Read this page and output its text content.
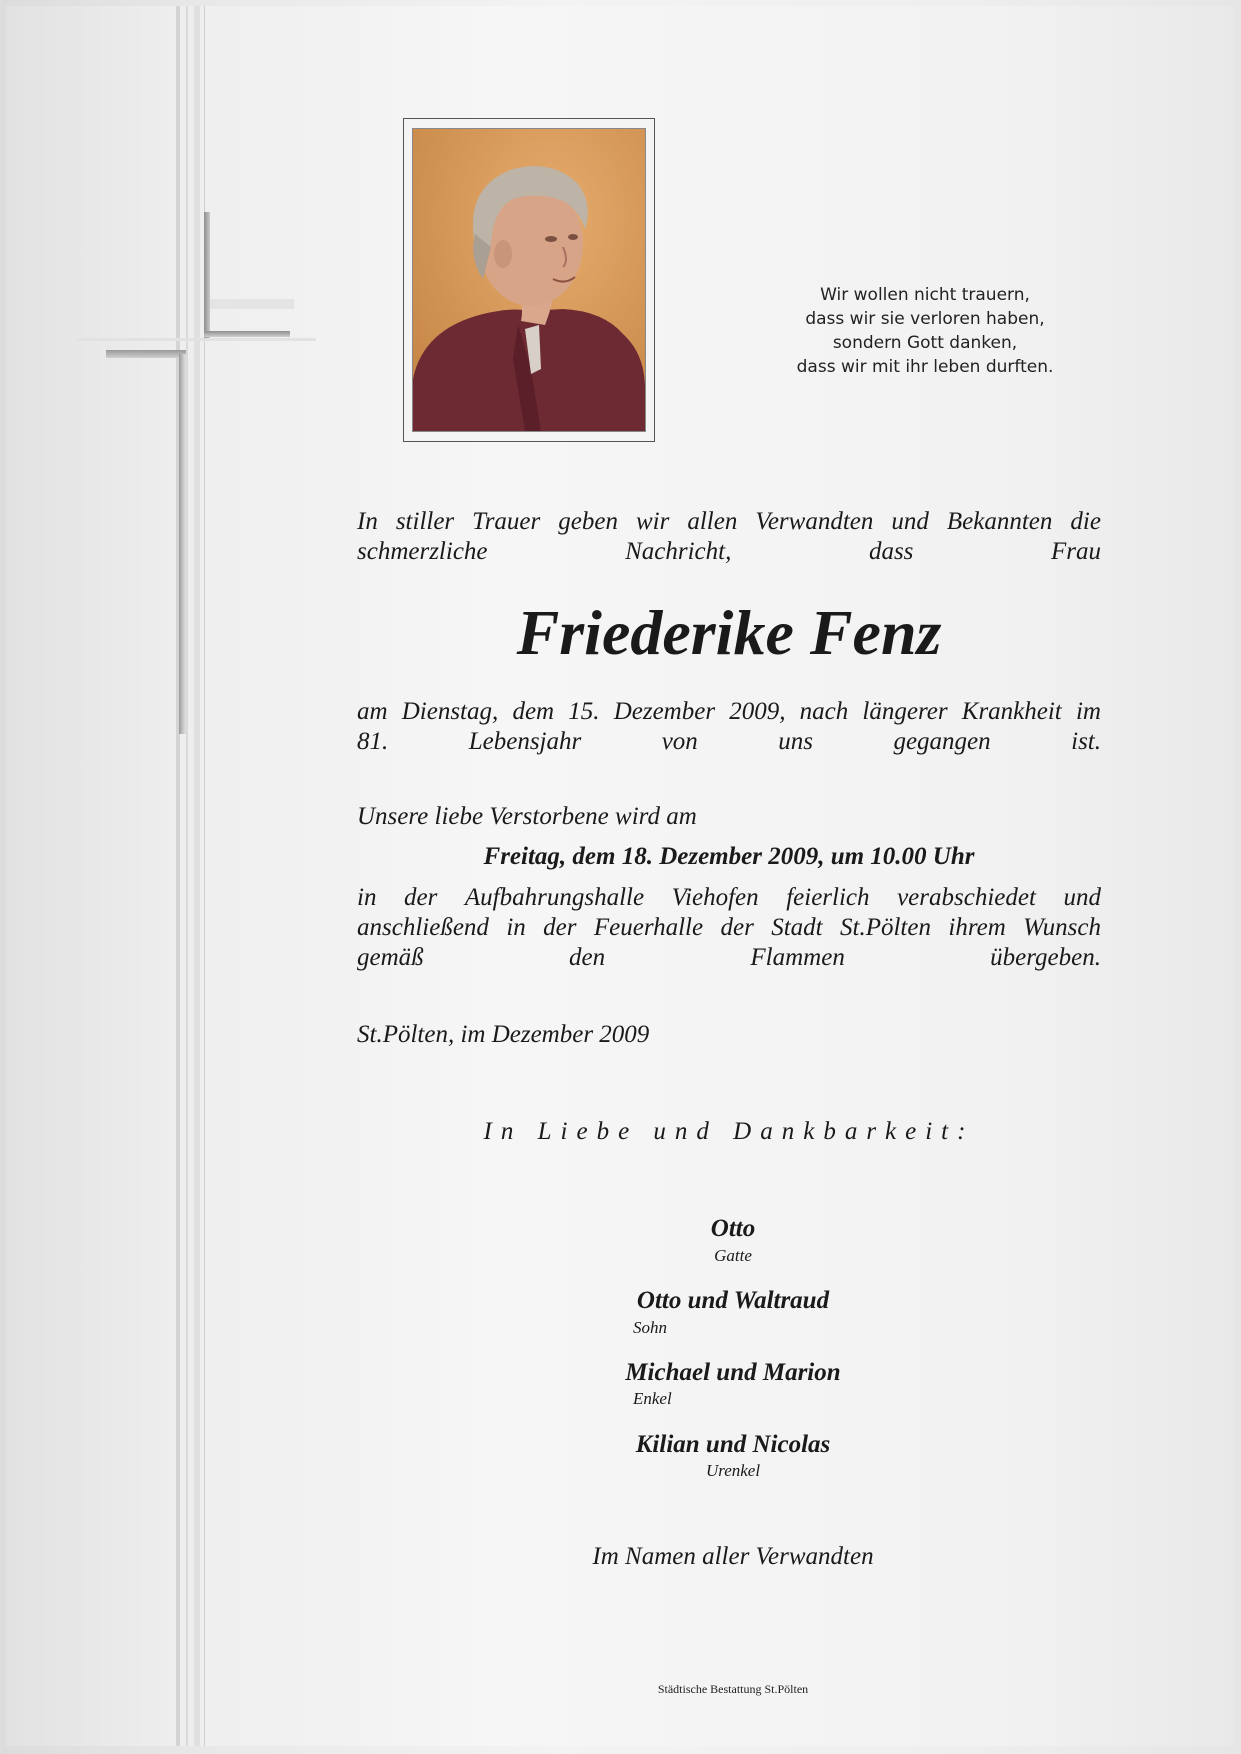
Wir wollen nicht trauern,
dass wir sie verloren haben,
sondern Gott danken,
dass wir mit ihr leben durften.
In stiller Trauer geben wir allen Verwandten und Bekannten die
schmerzliche Nachricht, dass Frau
Friederike Fenz
am Dienstag, dem 15. Dezember 2009, nach längerer Krankheit im
81. Lebensjahr von uns gegangen ist.
Unsere liebe Verstorbene wird am
Freitag, dem 18. Dezember 2009, um 10.00 Uhr
in der Aufbahrungshalle Viehofen feierlich verabschiedet und
anschließend in der Feuerhalle der Stadt St.Pölten ihrem Wunsch
gemäß den Flammen übergeben.
St.Pölten, im Dezember 2009
In Liebe und Dankbarkeit:
Otto
Gatte
Otto und Waltraud
Sohn
Michael und Marion
Enkel
Kilian und Nicolas
Urenkel
Im Namen aller Verwandten
Städtische Bestattung St.Pölten
